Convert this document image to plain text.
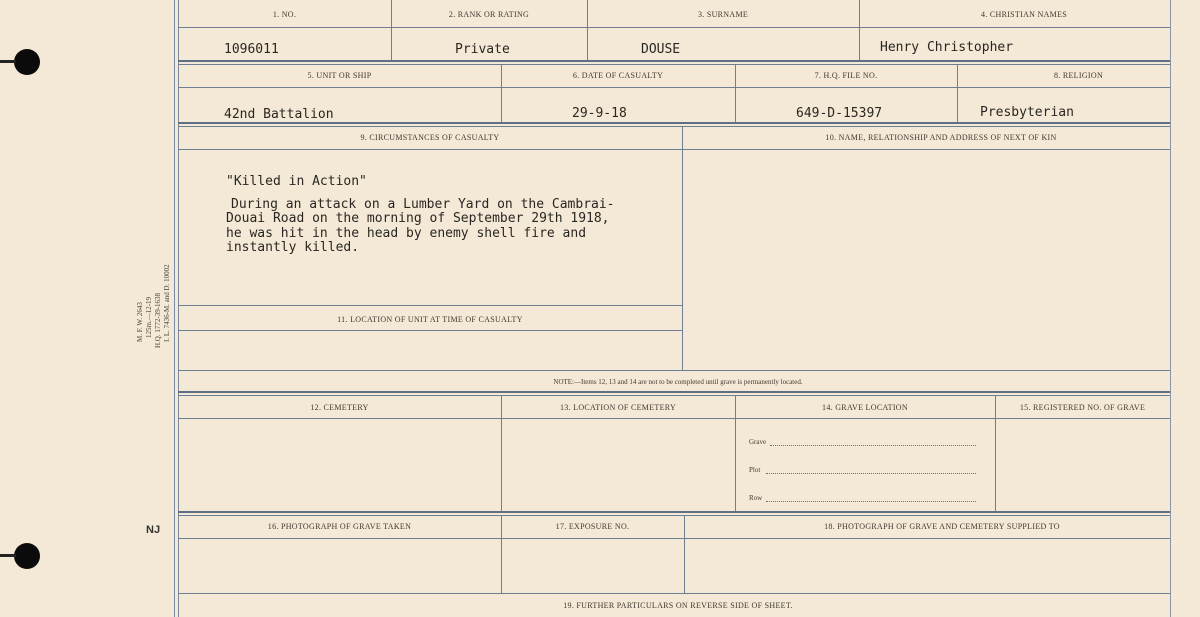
M. F. W. 2643 125m.—12-19 H.Q. 1772-39-1638 I. L. 7436-M. and D. 10002
NJ
1. NO.	2. RANK OR RATING	3. SURNAME	4. CHRISTIAN NAMES
1096011	Private	DOUSE	Henry Christopher
5. UNIT OR SHIP	6. DATE OF CASUALTY	7. H.Q. FILE NO.	8. RELIGION
42nd Battalion	29-9-18	649-D-15397	Presbyterian
9. CIRCUMSTANCES OF CASUALTY	10. NAME, RELATIONSHIP AND ADDRESS OF NEXT OF KIN
"Killed in Action"
During an attack on a Lumber Yard on the Cambrai-
Douai Road on the morning of September 29th 1918,
he was hit in the head by enemy shell fire and
instantly killed.
11. LOCATION OF UNIT AT TIME OF CASUALTY
NOTE:—Items 12, 13 and 14 are not to be completed until grave is permanently located.
12. CEMETERY	13. LOCATION OF CEMETERY	14. GRAVE LOCATION	15. REGISTERED NO. OF GRAVE
Grave
Plot
Row
16. PHOTOGRAPH OF GRAVE TAKEN	17. EXPOSURE NO.	18. PHOTOGRAPH OF GRAVE AND CEMETERY SUPPLIED TO
19. FURTHER PARTICULARS ON REVERSE SIDE OF SHEET.
